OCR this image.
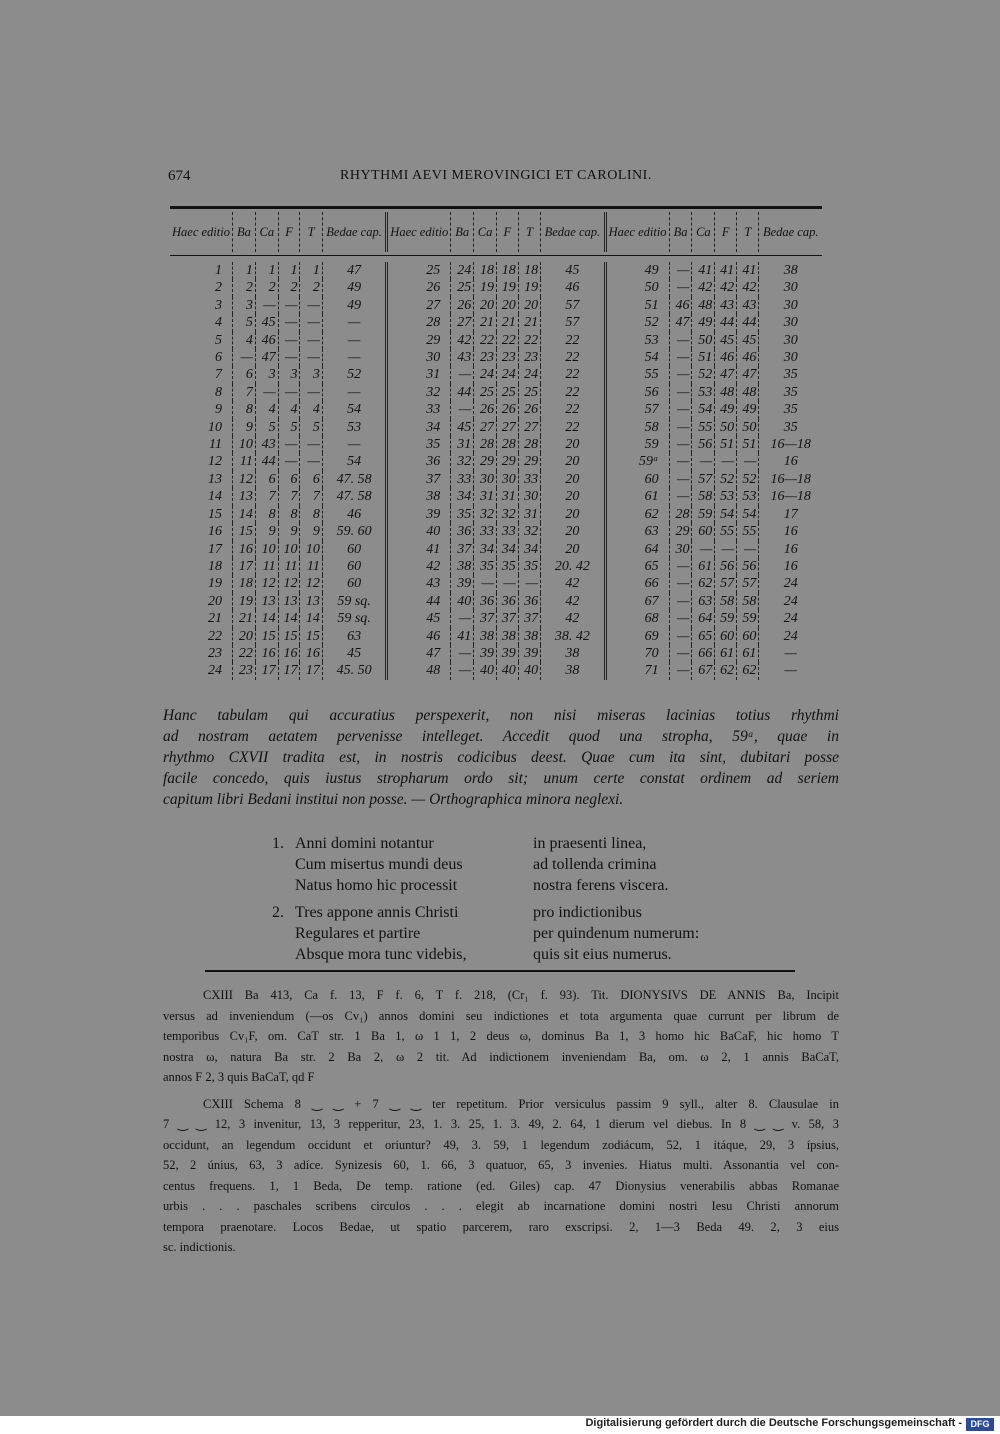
674	RHYTHMI AEVI MEROVINGICI ET CAROLINI.
Haec editio	Ba	Ca	F	T	Bedae cap.	Haec editio	Ba	Ca	F	T	Bedae cap.	Haec editio	Ba	Ca	F	T	Bedae cap.

1	1	1	1	1	47	25	24	18	18	18	45	49	—	41	41	41	38
2	2	2	2	2	49	26	25	19	19	19	46	50	—	42	42	42	30
3	3	—	—	—	49	27	26	20	20	20	57	51	46	48	43	43	30
4	5	45	—	—	—	28	27	21	21	21	57	52	47	49	44	44	30
5	4	46	—	—	—	29	42	22	22	22	22	53	—	50	45	45	30
6	—	47	—	—	—	30	43	23	23	23	22	54	—	51	46	46	30
7	6	3	3	3	52	31	—	24	24	24	22	55	—	52	47	47	35
8	7	—	—	—	—	32	44	25	25	25	22	56	—	53	48	48	35
9	8	4	4	4	54	33	—	26	26	26	22	57	—	54	49	49	35
10	9	5	5	5	53	34	45	27	27	27	22	58	—	55	50	50	35
11	10	43	—	—	—	35	31	28	28	28	20	59	—	56	51	51	16—18
12	11	44	—	—	54	36	32	29	29	29	20	59ᵃ	—	—	—	—	16
13	12	6	6	6	47. 58	37	33	30	30	33	20	60	—	57	52	52	16—18
14	13	7	7	7	47. 58	38	34	31	31	30	20	61	—	58	53	53	16—18
15	14	8	8	8	46	39	35	32	32	31	20	62	28	59	54	54	17
16	15	9	9	9	59. 60	40	36	33	33	32	20	63	29	60	55	55	16
17	16	10	10	10	60	41	37	34	34	34	20	64	30	—	—	—	16
18	17	11	11	11	60	42	38	35	35	35	20. 42	65	—	61	56	56	16
19	18	12	12	12	60	43	39	—	—	—	42	66	—	62	57	57	24
20	19	13	13	13	59 sq.	44	40	36	36	36	42	67	—	63	58	58	24
21	21	14	14	14	59 sq.	45	—	37	37	37	42	68	—	64	59	59	24
22	20	15	15	15	63	46	41	38	38	38	38. 42	69	—	65	60	60	24
23	22	16	16	16	45	47	—	39	39	39	38	70	—	66	61	61	—
24	23	17	17	17	45. 50	48	—	40	40	40	38	71	—	67	62	62	—
Hanc tabulam qui accuratius perspexerit, non nisi miseras lacinias totius rhythmi
ad nostram aetatem pervenisse intelleget. Accedit quod una stropha, 59ᵃ, quae in
rhythmo CXVII tradita est, in nostris codicibus deest. Quae cum ita sint, dubitari posse
facile concedo, quis iustus stropharum ordo sit; unum certe constat ordinem ad seriem
capitum libri Bedani institui non posse. — Orthographica minora neglexi.
1. Anni domini notantur	in praesenti linea,
Cum misertus mundi deus	ad tollenda crimina
Natus homo hic processit	nostra ferens viscera.
2. Tres appone annis Christi	pro indictionibus
Regulares et partire	per quindenum numerum:
Absque mora tunc videbis,	quis sit eius numerus.
CXIII Ba 413, Ca f. 13, F f. 6, T f. 218, (Cr₁ f. 93). Tit. DIONYSIVS DE ANNIS Ba, Incipit
versus ad inveniendum (—os Cv₁) annos domini seu indictiones et tota argumenta quae currunt per librum de
temporibus Cv₁F, om. CaT str. 1 Ba 1, ω 1 1, 2 deus ω, dominus Ba 1, 3 homo hic BaCaF, hic homo T
nostra ω, natura Ba str. 2 Ba 2, ω 2 tit. Ad indictionem inveniendam Ba, om. ω 2, 1 annis BaCaT,
annos F 2, 3 quis BaCaT, qd F
CXIII Schema 8 ‿ ‿ + 7 ‿ ‿ ter repetitum. Prior versiculus passim 9 syll., alter 8. Clausulae in
7 ‿ ‿ 12, 3 invenitur, 13, 3 repperitur, 23, 1. 3. 25, 1. 3. 49, 2. 64, 1 dierum vel diebus. In 8 ‿ ‿ v. 58, 3
occidunt, an legendum occidunt et oriuntur? 49, 3. 59, 1 legendum zodiácum, 52, 1 itáque, 29, 3 ípsius,
52, 2 únius, 63, 3 adíce. Synizesis 60, 1. 66, 3 quatuor, 65, 3 invenies. Hiatus multi. Assonantia vel con-
centus frequens. 1, 1 Beda, De temp. ratione (ed. Giles) cap. 47 Dionysius venerabilis abbas Romanae
urbis . . . paschales scribens circulos . . . elegit ab incarnatione domini nostri Iesu Christi annorum
tempora praenotare. Locos Bedae, ut spatio parcerem, raro exscripsi. 2, 1—3 Beda 49. 2, 3 eius
sc. indictionis.
Digitalisierung gefördert durch die Deutsche Forschungsgemeinschaft - DFG
